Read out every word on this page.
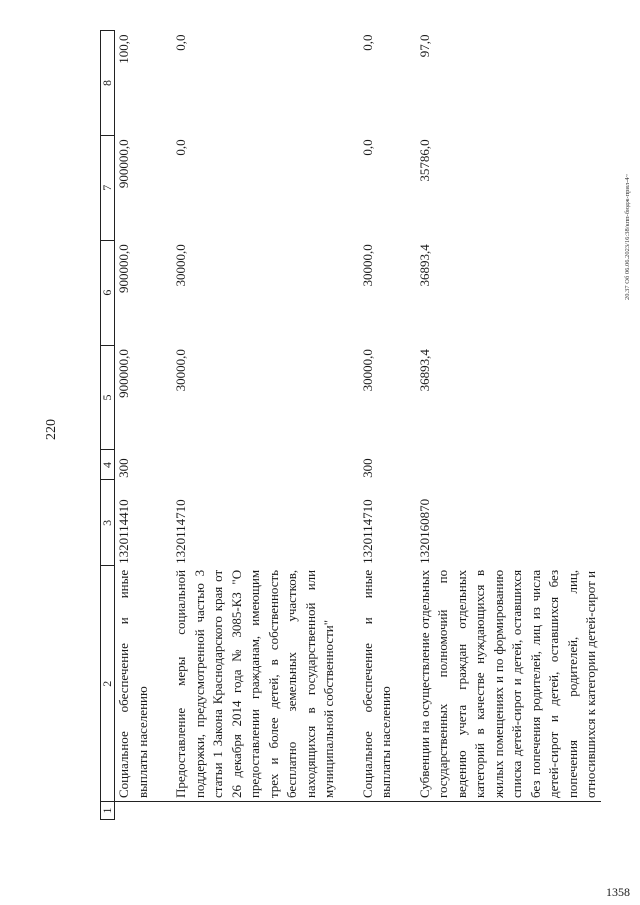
220
1	2	3	4	5	6	7	8
	Социальное обеспечение и иные выплаты населению	1320114410	300	900000,0	900000,0	900000,0	100,0

	Предоставление меры социальной поддержки, предусмотренной частью 3 статьи 1 Закона Краснодарского края от 26 декабря 2014 года № 3085-КЗ "О предоставлении гражданам, имеющим трех и более детей, в собственность бесплатно земельных участков, находящихся в государственной или муниципальной собственности"	1320114710		30000,0	30000,0	0,0	0,0

	Социальное обеспечение и иные выплаты населению	1320114710	300	30000,0	30000,0	0,0	0,0

	Субвенции на осуществление отдельных государственных полномочий по ведению учета граждан отдельных категорий в качестве нуждающихся в жилых помещениях и по формированию списка детей-сирот и детей, оставшихся без попечения родителей, лиц из числа детей-сирот и детей, оставшихся без попечения родителей, лиц, относившихся к категории детей-сирот и	1320160870		36893,4	36893,4	35786,0	97,0
20.37 Об 06.06.2023/16:38/кпп-бюдж-прил-4~
1358
